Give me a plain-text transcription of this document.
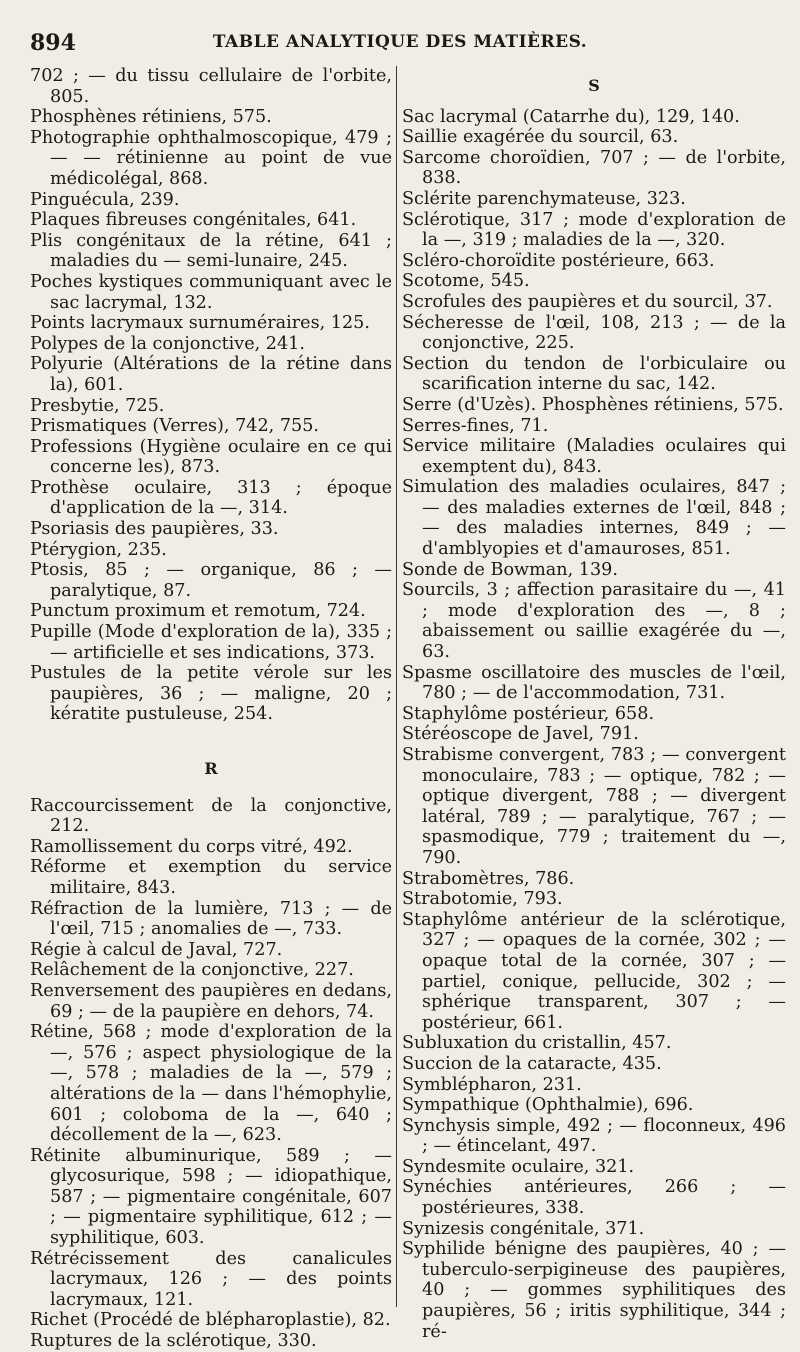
894	TABLE ANALYTIQUE DES MATIÈRES.

702 ; — du tissu cellulaire de l'orbite, 805.

Phosphènes rétiniens, 575.

Photographie ophthalmoscopique, 479 ; — — rétinienne au point de vue médicolégal, 868.

Pinguécula, 239.

Plaques fibreuses congénitales, 641.

Plis congénitaux de la rétine, 641 ; maladies du — semi-lunaire, 245.

Poches kystiques communiquant avec le sac lacrymal, 132.

Points lacrymaux surnuméraires, 125.

Polypes de la conjonctive, 241.

Polyurie (Altérations de la rétine dans la), 601.

Presbytie, 725.

Prismatiques (Verres), 742, 755.

Professions (Hygiène oculaire en ce qui concerne les), 873.

Prothèse oculaire, 313 ; époque d'application de la —, 314.

Psoriasis des paupières, 33.

Ptérygion, 235.

Ptosis, 85 ; — organique, 86 ; — paralytique, 87.

Punctum proximum et remotum, 724.

Pupille (Mode d'exploration de la), 335 ; — artificielle et ses indications, 373.

Pustules de la petite vérole sur les paupières, 36 ; — maligne, 20 ; kératite pustuleuse, 254.

R

Raccourcissement de la conjonctive, 212.

Ramollissement du corps vitré, 492.

Réforme et exemption du service militaire, 843.

Réfraction de la lumière, 713 ; — de l'œil, 715 ; anomalies de —, 733.

Régie à calcul de Javal, 727.

Relâchement de la conjonctive, 227.

Renversement des paupières en dedans, 69 ; — de la paupière en dehors, 74.

Rétine, 568 ; mode d'exploration de la —, 576 ; aspect physiologique de la —, 578 ; maladies de la —, 579 ; altérations de la — dans l'hémophylie, 601 ; coloboma de la —, 640 ; décollement de la —, 623.

Rétinite albuminurique, 589 ; — glycosurique, 598 ; — idiopathique, 587 ; — pigmentaire congénitale, 607 ; — pigmentaire syphilitique, 612 ; — syphilitique, 603.

Rétrécissement des canalicules lacrymaux, 126 ; — des points lacrymaux, 121.

Richet (Procédé de blépharoplastie), 82.

Ruptures de la sclérotique, 330.

S

Sac lacrymal (Catarrhe du), 129, 140.

Saillie exagérée du sourcil, 63.

Sarcome choroïdien, 707 ; — de l'orbite, 838.

Sclérite parenchymateuse, 323.

Sclérotique, 317 ; mode d'exploration de la —, 319 ; maladies de la —, 320.

Scléro-choroïdite postérieure, 663.

Scotome, 545.

Scrofules des paupières et du sourcil, 37.

Sécheresse de l'œil, 108, 213 ; — de la conjonctive, 225.

Section du tendon de l'orbiculaire ou scarification interne du sac, 142.

Serre (d'Uzès). Phosphènes rétiniens, 575.

Serres-fines, 71.

Service militaire (Maladies oculaires qui exemptent du), 843.

Simulation des maladies oculaires, 847 ; — des maladies externes de l'œil, 848 ; — des maladies internes, 849 ; — d'amblyopies et d'amauroses, 851.

Sonde de Bowman, 139.

Sourcils, 3 ; affection parasitaire du —, 41 ; mode d'exploration des —, 8 ; abaissement ou saillie exagérée du —, 63.

Spasme oscillatoire des muscles de l'œil, 780 ; — de l'accommodation, 731.

Staphylôme postérieur, 658.

Stéréoscope de Javel, 791.

Strabisme convergent, 783 ; — convergent monoculaire, 783 ; — optique, 782 ; — optique divergent, 788 ; — divergent latéral, 789 ; — paralytique, 767 ; — spasmodique, 779 ; traitement du —, 790.

Strabomètres, 786.

Strabotomie, 793.

Staphylôme antérieur de la sclérotique, 327 ; — opaques de la cornée, 302 ; — opaque total de la cornée, 307 ; — partiel, conique, pellucide, 302 ; — sphérique transparent, 307 ; — postérieur, 661.

Subluxation du cristallin, 457.

Succion de la cataracte, 435.

Symblépharon, 231.

Sympathique (Ophthalmie), 696.

Synchysis simple, 492 ; — floconneux, 496 ; — étincelant, 497.

Syndesmite oculaire, 321.

Synéchies antérieures, 266 ; — postérieures, 338.

Synizesis congénitale, 371.

Syphilide bénigne des paupières, 40 ; — tuberculo-serpigineuse des paupières, 40 ; — gommes syphilitiques des paupières, 56 ; iritis syphilitique, 344 ; ré-
